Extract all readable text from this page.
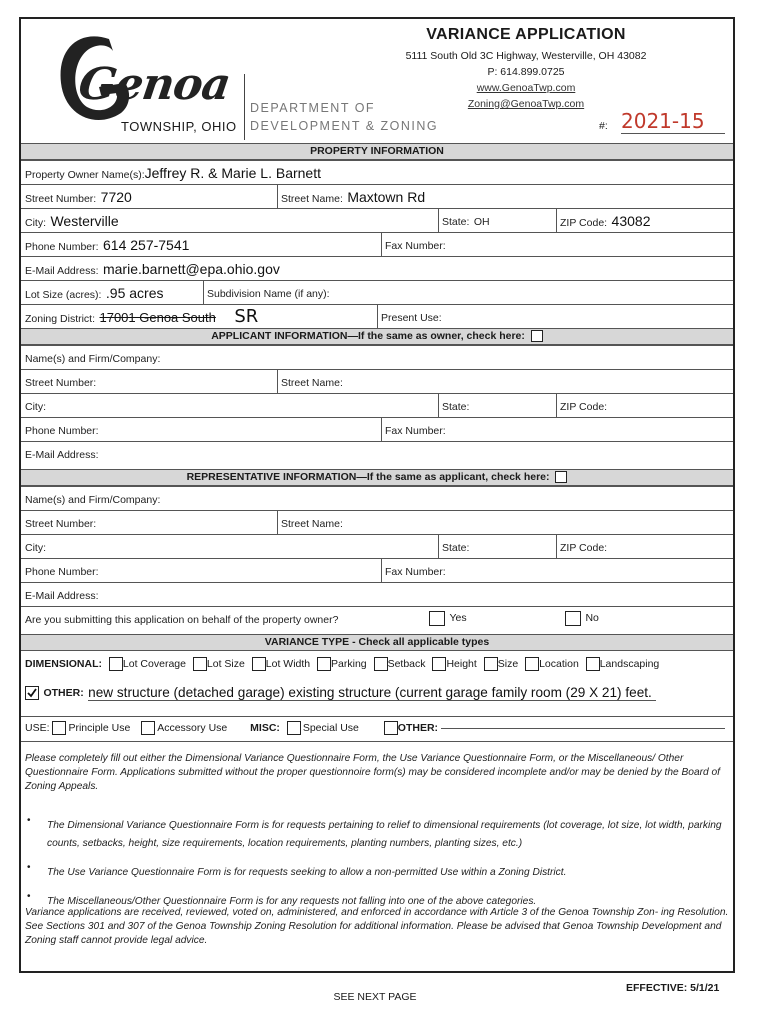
Genoa
TOWNSHIP, OHIO
DEPARTMENT OF
DEVELOPMENT & ZONING
VARIANCE APPLICATION
5111 South Old 3C Highway, Westerville, OH 43082
P: 614.899.0725
www.GenoaTwp.com
Zoning@GenoaTwp.com
#: 2021-15
PROPERTY INFORMATION
Property Owner Name(s):Jeffrey R. & Marie L. Barnett
Street Number: 7720	Street Name: Maxtown Rd
City: Westerville	State: OH	ZIP Code: 43082
Phone Number: 614 257-7541	Fax Number:
E-Mail Address: marie.barnett@epa.ohio.gov
Lot Size (acres): .95 acres	Subdivision Name (if any):
Zoning District: 17001 Genoa South SR	Present Use:
APPLICANT INFORMATION—If the same as owner, check here:
Name(s) and Firm/Company:
Street Number:	Street Name:
City:	State:	ZIP Code:
Phone Number:	Fax Number:
E-Mail Address:
REPRESENTATIVE INFORMATION—If the same as applicant, check here:
Name(s) and Firm/Company:
Street Number:	Street Name:
City:	State:	ZIP Code:
Phone Number:	Fax Number:
E-Mail Address:
Are you submitting this application on behalf of the property owner?	Yes	No
VARIANCE TYPE - Check all applicable types
DIMENSIONAL: Lot Coverage Lot Size Lot Width Parking Setback Height Size Location Landscaping
OTHER: new structure (detached garage) existing structure (current garage family room (29 X 21) feet.
USE: Principle Use	Accessory Use MISC: Special Use	OTHER:
Please completely fill out either the Dimensional Variance Questionnaire Form, the Use Variance Questionnaire Form, or the Miscellaneous/ Other Questionnaire Form. Applications submitted without the proper questionnoire form(s) may be considered incomplete and/or may be denied by the Board of Zoning Appeals.
• The Dimensional Variance Questionnaire Form is for requests pertaining to relief to dimensional requirements (lot coverage, lot size, lot width, parking counts, setbacks, height, size requirements, location requirements, planting numbers, planting sizes, etc.)
• The Use Variance Questionnaire Form is for requests seeking to allow a non-permitted Use within a Zoning District.
• The Miscellaneous/Other Questionnaire Form is for any requests not falling into one of the above categories.
Variance applications are received, reviewed, voted on, administered, and enforced in accordance with Article 3 of the Genoa Township Zon- ing Resolution. See Sections 301 and 307 of the Genoa Township Zoning Resolution for additional information. Please be advised that Genoa Township Development and Zoning staff cannot provide legal advice.
EFFECTIVE: 5/1/21
SEE NEXT PAGE
